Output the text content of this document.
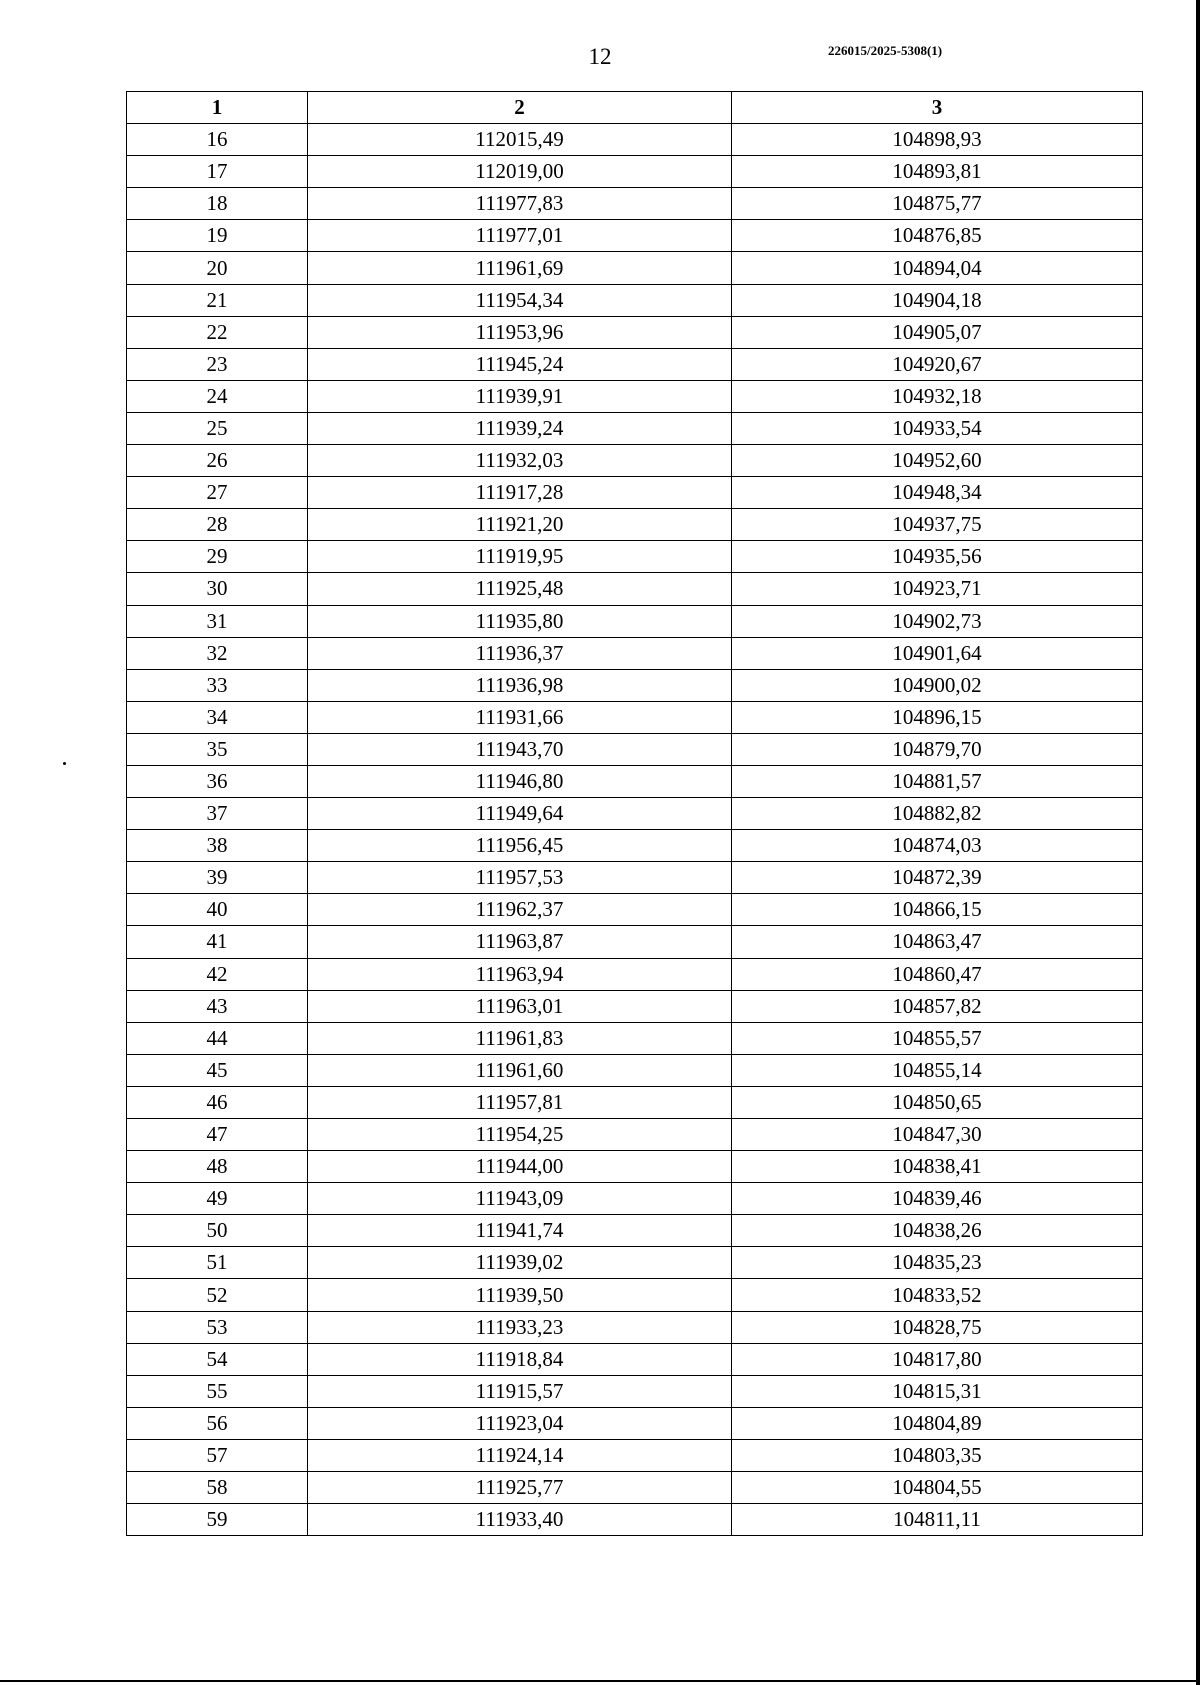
12	226015/2025-5308(1)
1	2	3
16	112015,49	104898,93
17	112019,00	104893,81
18	111977,83	104875,77
19	111977,01	104876,85
20	111961,69	104894,04
21	111954,34	104904,18
22	111953,96	104905,07
23	111945,24	104920,67
24	111939,91	104932,18
25	111939,24	104933,54
26	111932,03	104952,60
27	111917,28	104948,34
28	111921,20	104937,75
29	111919,95	104935,56
30	111925,48	104923,71
31	111935,80	104902,73
32	111936,37	104901,64
33	111936,98	104900,02
34	111931,66	104896,15
35	111943,70	104879,70
36	111946,80	104881,57
37	111949,64	104882,82
38	111956,45	104874,03
39	111957,53	104872,39
40	111962,37	104866,15
41	111963,87	104863,47
42	111963,94	104860,47
43	111963,01	104857,82
44	111961,83	104855,57
45	111961,60	104855,14
46	111957,81	104850,65
47	111954,25	104847,30
48	111944,00	104838,41
49	111943,09	104839,46
50	111941,74	104838,26
51	111939,02	104835,23
52	111939,50	104833,52
53	111933,23	104828,75
54	111918,84	104817,80
55	111915,57	104815,31
56	111923,04	104804,89
57	111924,14	104803,35
58	111925,77	104804,55
59	111933,40	104811,11
